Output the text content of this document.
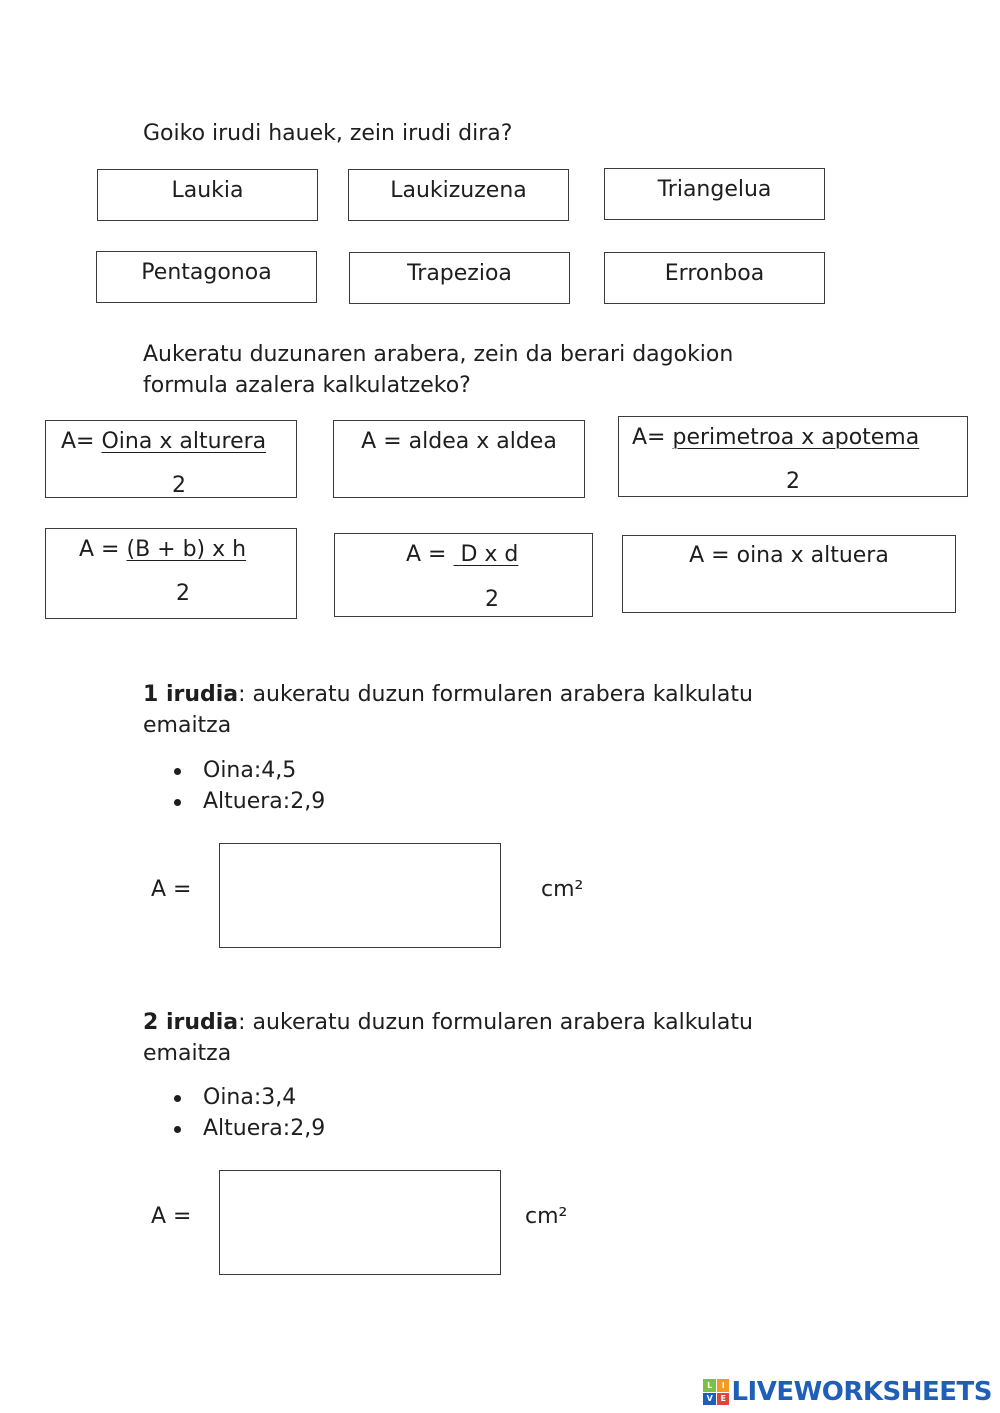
Goiko irudi hauek, zein irudi dira?
Laukia	Laukizuzena	Triangelua
Pentagonoa	Trapezioa	Erronboa
Aukeratu duzunaren arabera, zein da berari dagokion
formula azalera kalkulatzeko?
A= Oina x alturera
2
A = aldea x aldea	A= perimetroa x apotema
2
A = (B + b) x h
2
A =  D x d
2
A = oina x altuera
1 irudia: aukeratu duzun formularen arabera kalkulatu
emaitza
Oina:4,5
Altuera:2,9
A =	cm²
2 irudia: aukeratu duzun formularen arabera kalkulatu
emaitza
Oina:3,4
Altuera:2,9
A =	cm²
L	I
V E LIVEWORKSHEETS
